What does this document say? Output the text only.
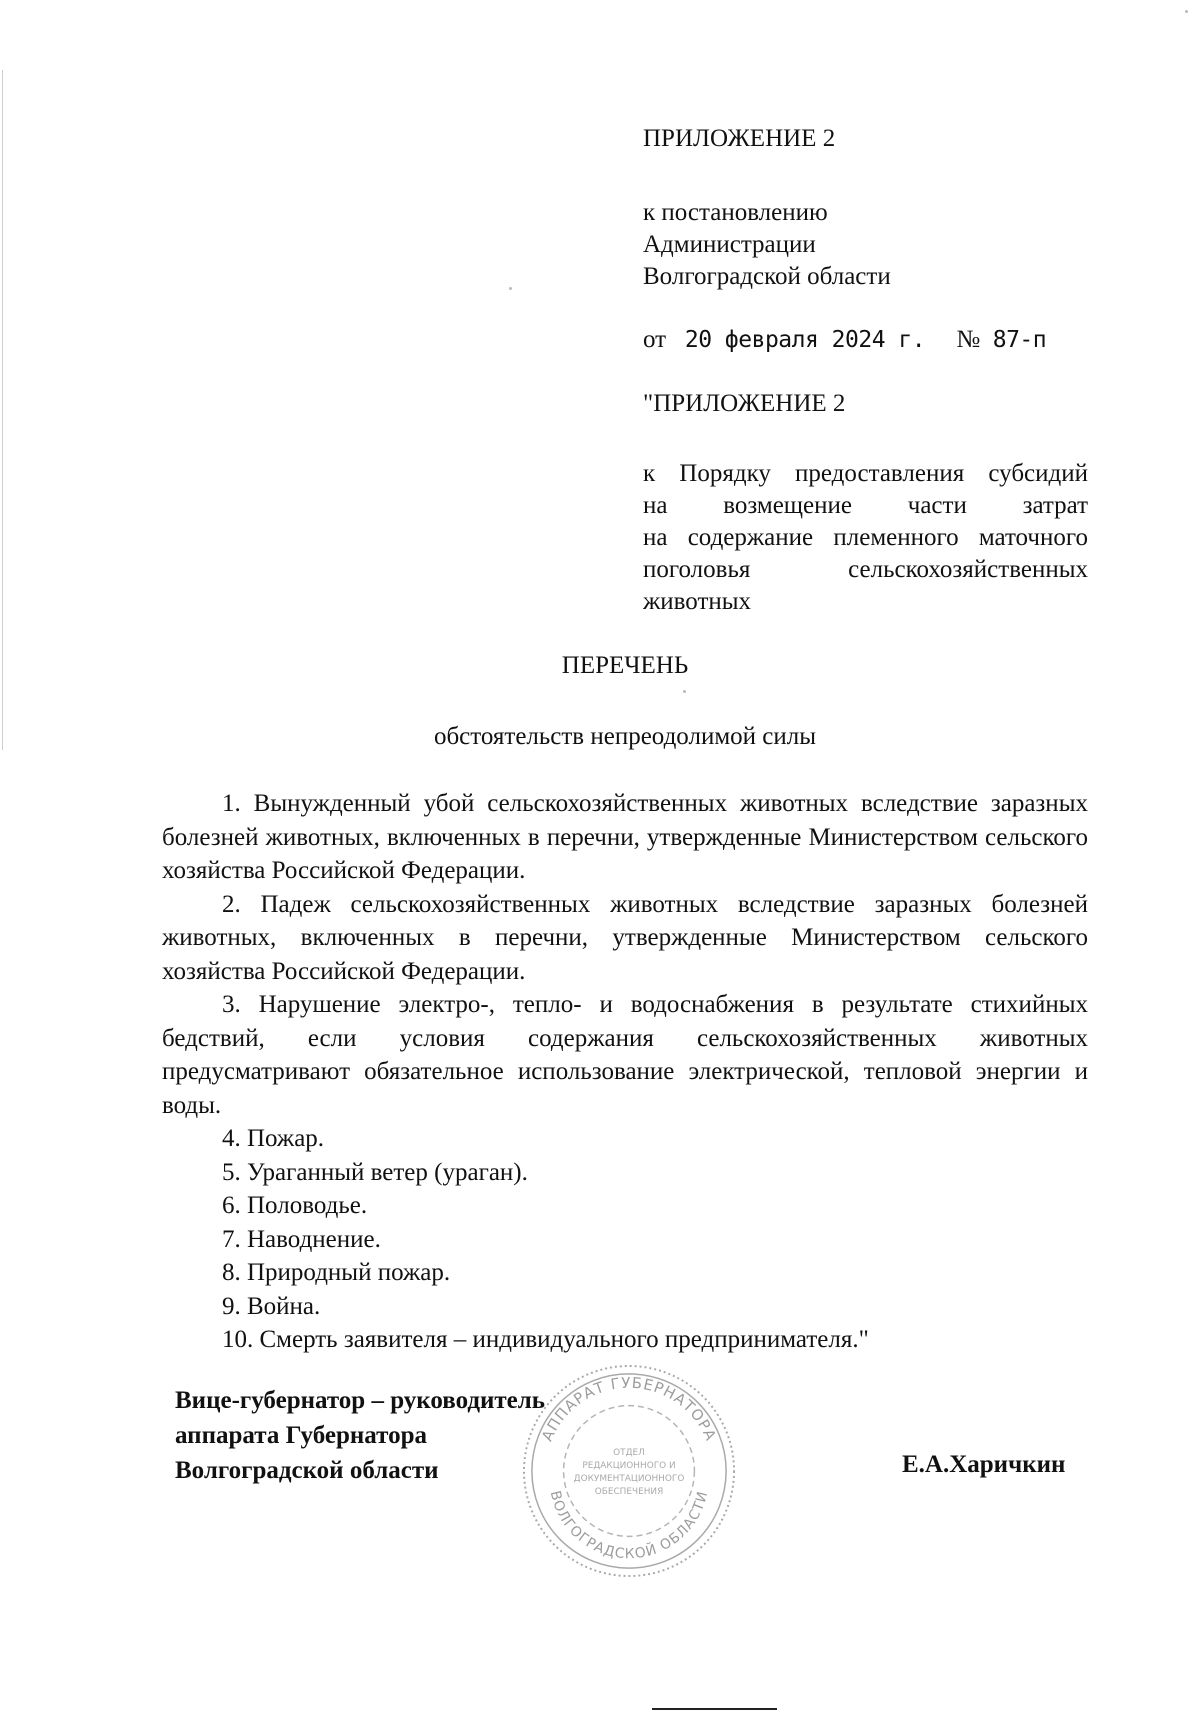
ПРИЛОЖЕНИЕ 2

к постановлению

Администрации

Волгоградской области

от 20 февраля 2024 г. № 87-п

"ПРИЛОЖЕНИЕ 2

к Порядку предоставления субсидий

на возмещение части затрат

на содержание племенного маточного

поголовья сельскохозяйственных

животных

ПЕРЕЧЕНЬ
обстоятельств непреодолимой силы

1. Вынужденный убой сельскохозяйственных животных вследствие заразных болезней животных, включенных в перечни, утвержденные Министерством сельского хозяйства Российской Федерации.

2. Падеж сельскохозяйственных животных вследствие заразных болезней животных, включенных в перечни, утвержденные Министерством сельского хозяйства Российской Федерации.

3. Нарушение электро-, тепло- и водоснабжения в результате стихийных бедствий, если условия содержания сельскохозяйственных животных предусматривают обязательное использование электрической, тепловой энергии и воды.

4. Пожар.

5. Ураганный ветер (ураган).

6. Половодье.

7. Наводнение.

8. Природный пожар.

9. Война.

10. Смерть заявителя – индивидуального предпринимателя."

Вице-губернатор – руководитель

аппарата Губернатора

Волгоградской области	Е.А.Харичкин
АППАРАТ ГУБЕРНАТОРА
ВОЛГОГРАДСКОЙ ОБЛАСТИ
ОТДЕЛ
РЕДАКЦИОННОГО И
ДОКУМЕНТАЦИОННОГО
ОБЕСПЕЧЕНИЯ
